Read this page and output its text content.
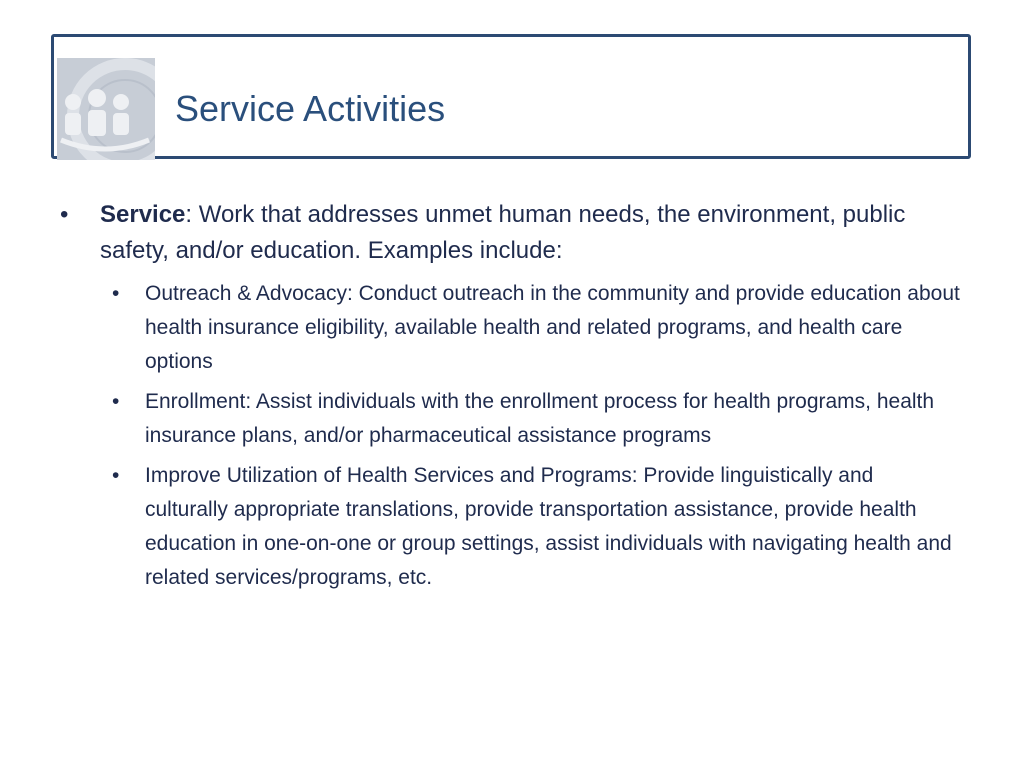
Service Activities
• Service: Work that addresses unmet human needs, the environment, public safety, and/or education. Examples include:
• Outreach & Advocacy: Conduct outreach in the community and provide education about health insurance eligibility, available health and related programs, and health care options
• Enrollment: Assist individuals with the enrollment process for health programs, health insurance plans, and/or pharmaceutical assistance programs
• Improve Utilization of Health Services and Programs: Provide linguistically and culturally appropriate translations, provide transportation assistance, provide health education in one-on-one or group settings, assist individuals with navigating health and related services/programs, etc.
